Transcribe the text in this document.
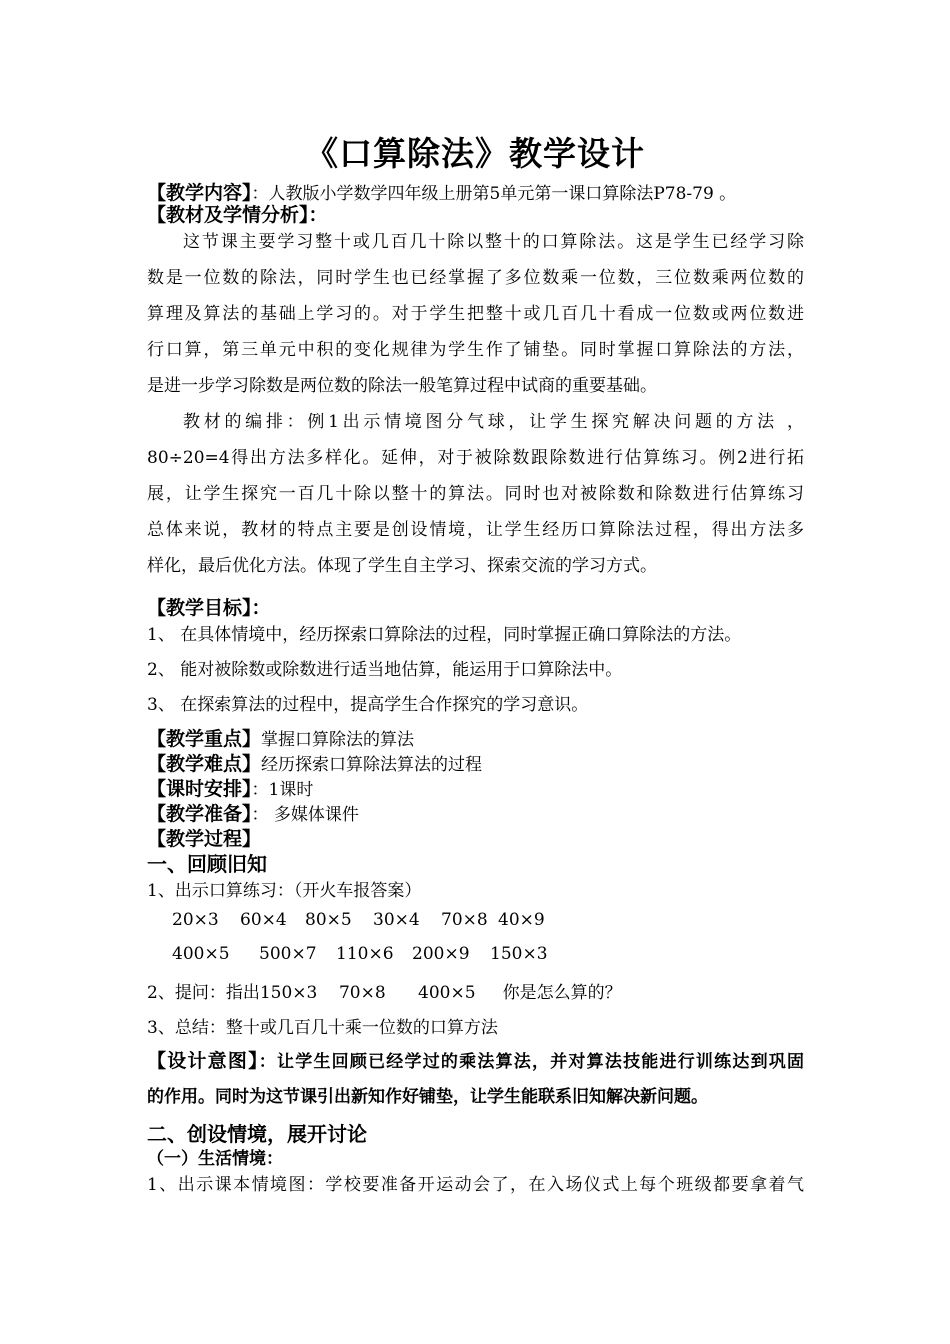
《口算除法》教学设计
【教学内容】：人教版小学数学四年级上册第5单元第一课口算除法P78-79 。
【教材及学情分析】：
这节课主要学习整十或几百几十除以整十的口算除法。这是学生已经学习除
数是一位数的除法，同时学生也已经掌握了多位数乘一位数，三位数乘两位数的
算理及算法的基础上学习的。对于学生把整十或几百几十看成一位数或两位数进
行口算，第三单元中积的变化规律为学生作了铺垫。同时掌握口算除法的方法，
是进一步学习除数是两位数的除法一般笔算过程中试商的重要基础。
教材的编排：例1出示情境图分气球，让学生探究解决问题的方法 ，
80÷20=4得出方法多样化。延伸，对于被除数跟除数进行估算练习。例2进行拓
展，让学生探究一百几十除以整十的算法。同时也对被除数和除数进行估算练习
总体来说，教材的特点主要是创设情境，让学生经历口算除法过程，得出方法多
样化，最后优化方法。体现了学生自主学习、探索交流的学习方式。
【教学目标】：
1、 在具体情境中，经历探索口算除法的过程，同时掌握正确口算除法的方法。
2、 能对被除数或除数进行适当地估算，能运用于口算除法中。
3、 在探索算法的过程中，提高学生合作探究的学习意识。
【教学重点】掌握口算除法的算法
【教学难点】经历探索口算除法算法的过程
【课时安排】：1课时
【教学准备】： 多媒体课件
【教学过程】
一、回顾旧知
1、出示口算练习：（开火车报答案）
20×3 60×4 80×5 30×4 70×8 40×9
400×5 500×7 110×6 200×9 150×3
2、提问：指出150×3    70×8      400×5     你是怎么算的？
3、总结：整十或几百几十乘一位数的口算方法
【设计意图】：让学生回顾已经学过的乘法算法，并对算法技能进行训练达到巩固
的作用。同时为这节课引出新知作好铺垫，让学生能联系旧知解决新问题。
二、创设情境，展开讨论
（一）生活情境：
1、出示课本情境图：学校要准备开运动会了，在入场仪式上每个班级都要拿着气
